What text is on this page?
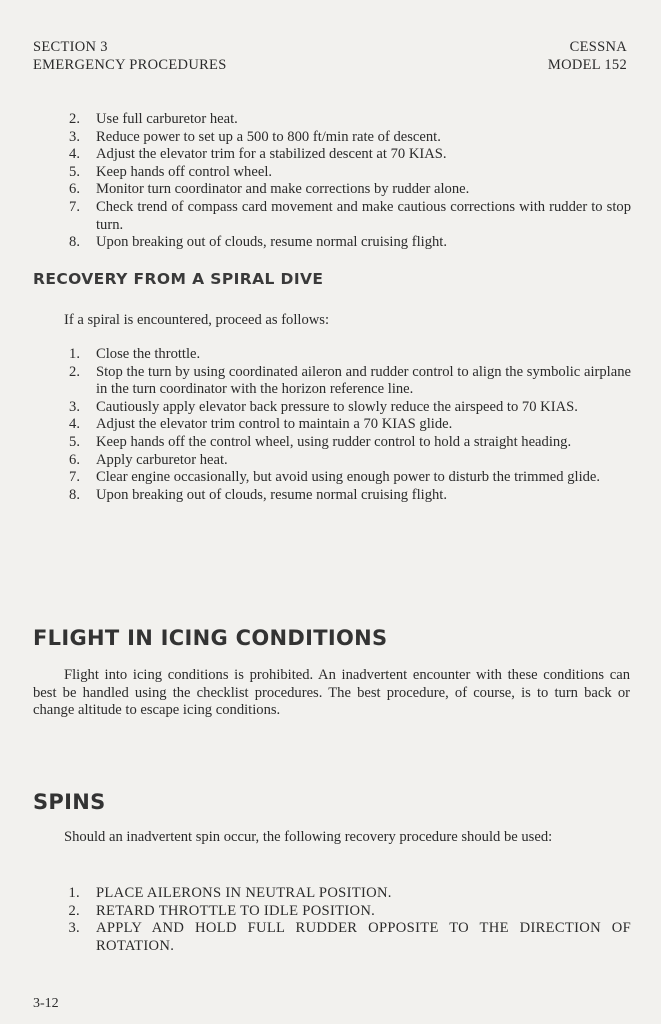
SECTION 3
EMERGENCY PROCEDURES
CESSNA
MODEL 152
2. Use full carburetor heat.
3. Reduce power to set up a 500 to 800 ft/min rate of descent.
4. Adjust the elevator trim for a stabilized descent at 70 KIAS.
5. Keep hands off control wheel.
6. Monitor turn coordinator and make corrections by rudder alone.
7. Check trend of compass card movement and make cautious corrections with rudder to stop turn.
8. Upon breaking out of clouds, resume normal cruising flight.
RECOVERY FROM A SPIRAL DIVE
If a spiral is encountered, proceed as follows:
1. Close the throttle.
2. Stop the turn by using coordinated aileron and rudder control to align the symbolic airplane in the turn coordinator with the horizon reference line.
3. Cautiously apply elevator back pressure to slowly reduce the airspeed to 70 KIAS.
4. Adjust the elevator trim control to maintain a 70 KIAS glide.
5. Keep hands off the control wheel, using rudder control to hold a straight heading.
6. Apply carburetor heat.
7. Clear engine occasionally, but avoid using enough power to disturb the trimmed glide.
8. Upon breaking out of clouds, resume normal cruising flight.
FLIGHT IN ICING CONDITIONS

Flight into icing conditions is prohibited. An inadvertent encounter with these conditions can best be handled using the checklist procedures. The best procedure, of course, is to turn back or change altitude to escape icing conditions.

SPINS

Should an inadvertent spin occur, the following recovery procedure should be used:

1. PLACE AILERONS IN NEUTRAL POSITION.
2. RETARD THROTTLE TO IDLE POSITION.
3. APPLY AND HOLD FULL RUDDER OPPOSITE TO THE DIRECTION OF ROTATION.
3-12
